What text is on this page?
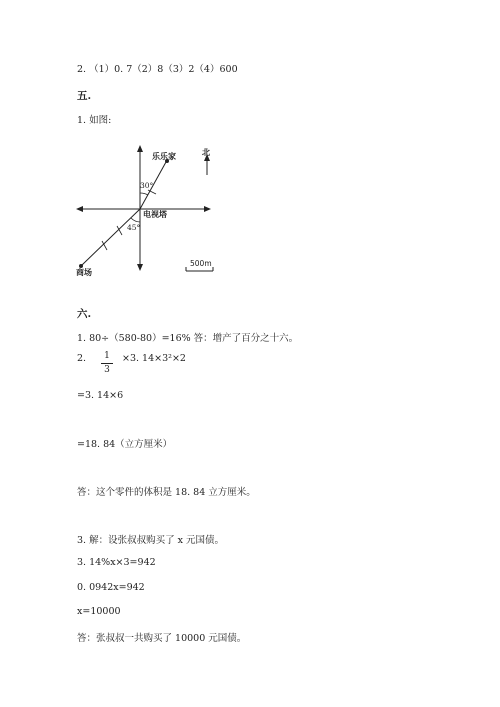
2. （1）0. 7（2）8（3）2（4）600
五.
1. 如图:
乐乐家	北
电视塔
商场
30°
45°
500m
六.
1. 80÷（580-80）=16% 答：增产了百分之十六。
2.	1
3
×3. 14×3²×2
=3. 14×6
=18. 84（立方厘米）
答：这个零件的体积是 18. 84 立方厘米。
3. 解：设张叔叔购买了 x 元国债。
3. 14%x×3=942
0. 0942x=942
x=10000
答：张叔叔一共购买了 10000 元国债。
